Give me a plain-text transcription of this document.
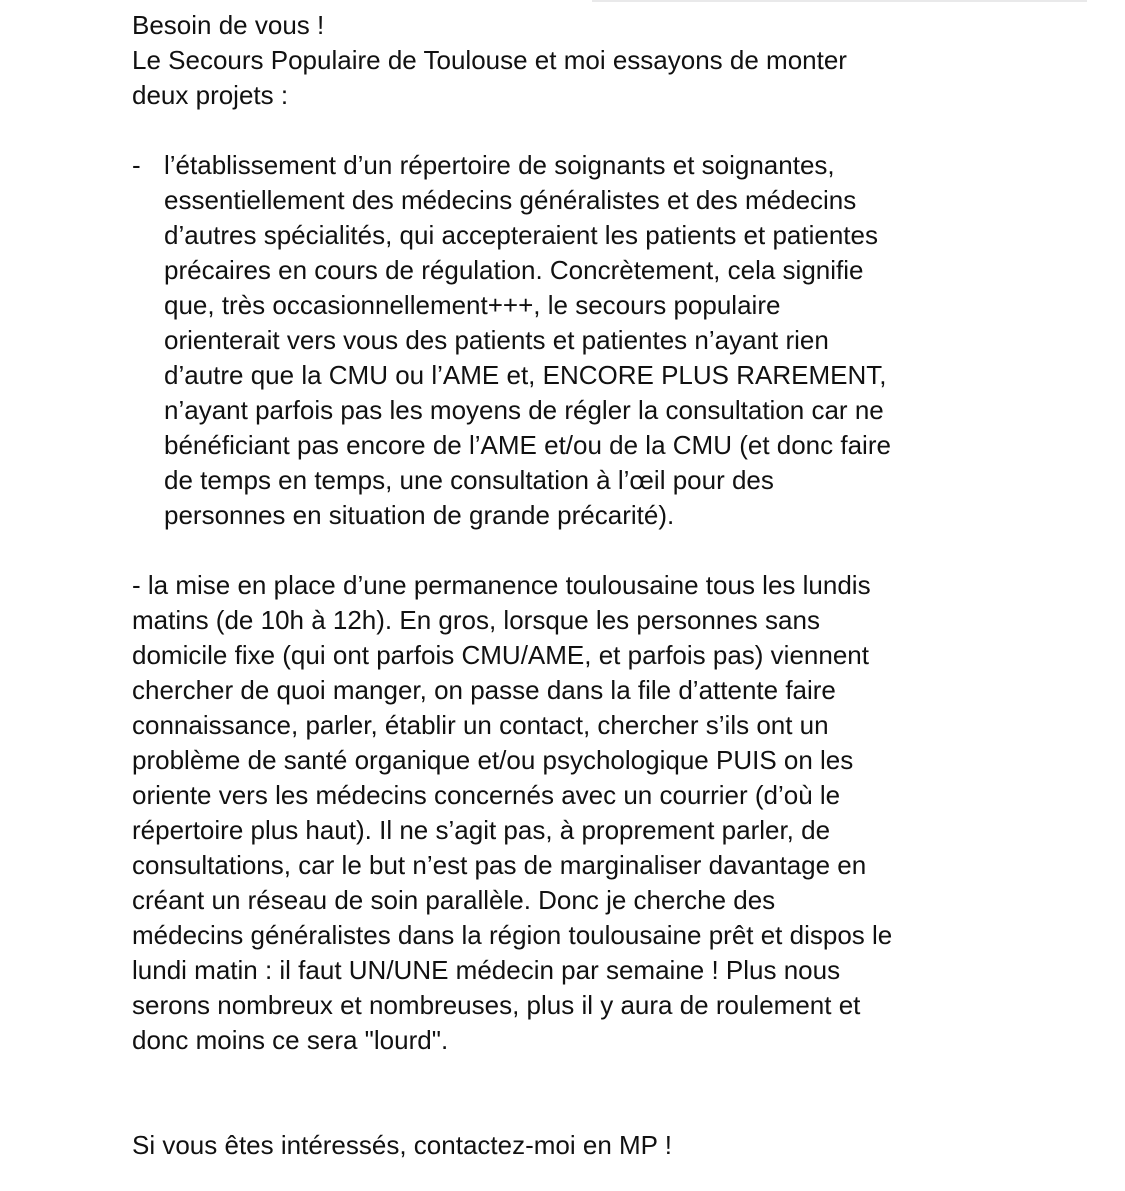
Besoin de vous !
Le Secours Populaire de Toulouse et moi essayons de monter
deux projets :
- l’établissement d’un répertoire de soignants et soignantes,
essentiellement des médecins généralistes et des médecins
d’autres spécialités, qui accepteraient les patients et patientes
précaires en cours de régulation. Concrètement, cela signifie
que, très occasionnellement+++, le secours populaire
orienterait vers vous des patients et patientes n’ayant rien
d’autre que la CMU ou l’AME et, ENCORE PLUS RAREMENT,
n’ayant parfois pas les moyens de régler la consultation car ne
bénéficiant pas encore de l’AME et/ou de la CMU (et donc faire
de temps en temps, une consultation à l’œil pour des
personnes en situation de grande précarité).
- la mise en place d’une permanence toulousaine tous les lundis
matins (de 10h à 12h). En gros, lorsque les personnes sans
domicile fixe (qui ont parfois CMU/AME, et parfois pas) viennent
chercher de quoi manger, on passe dans la file d’attente faire
connaissance, parler, établir un contact, chercher s’ils ont un
problème de santé organique et/ou psychologique PUIS on les
oriente vers les médecins concernés avec un courrier (d’où le
répertoire plus haut). Il ne s’agit pas, à proprement parler, de
consultations, car le but n’est pas de marginaliser davantage en
créant un réseau de soin parallèle. Donc je cherche des
médecins généralistes dans la région toulousaine prêt et dispos le
lundi matin : il faut UN/UNE médecin par semaine ! Plus nous
serons nombreux et nombreuses, plus il y aura de roulement et
donc moins ce sera "lourd".
Si vous êtes intéressés, contactez-moi en MP !
